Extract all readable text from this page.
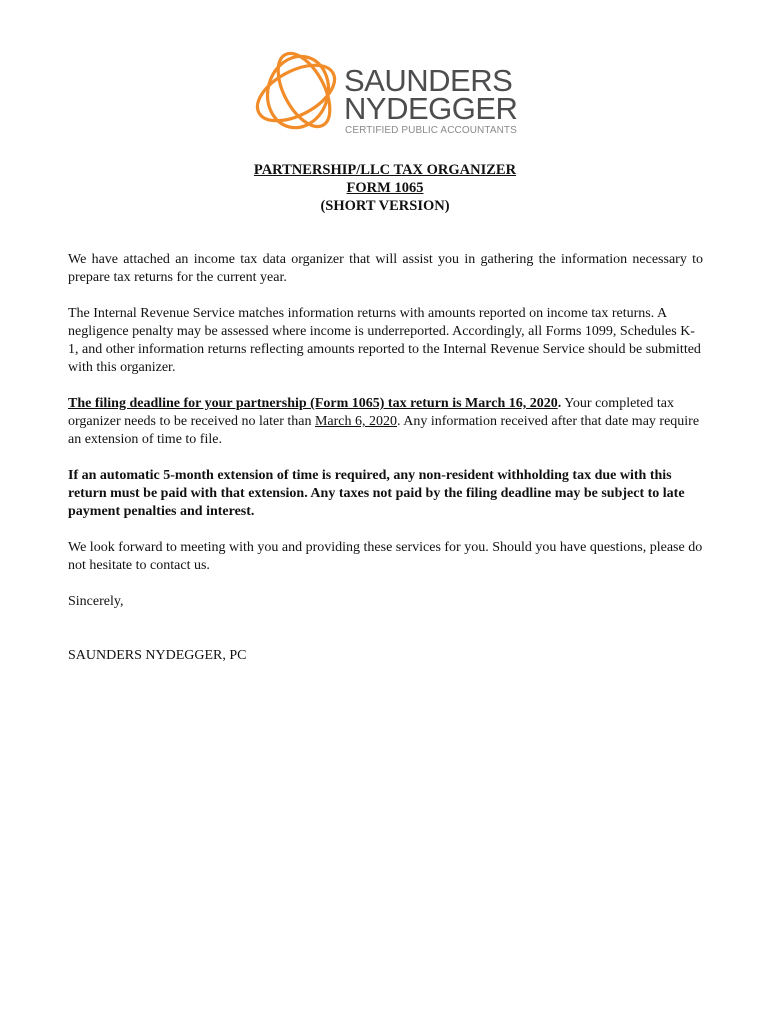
SAUNDERS
NYDEGGER
CERTIFIED PUBLIC ACCOUNTANTS
PARTNERSHIP/LLC TAX ORGANIZER
FORM 1065
(SHORT VERSION)

We have attached an income tax data organizer that will assist you in gathering the information necessary to prepare tax returns for the current year.

The Internal Revenue Service matches information returns with amounts reported on income tax returns. A negligence penalty may be assessed where income is underreported. Accordingly, all Forms 1099, Schedules K-1, and other information returns reflecting amounts reported to the Internal Revenue Service should be submitted with this organizer.

The filing deadline for your partnership (Form 1065) tax return is March 16, 2020. Your completed tax organizer needs to be received no later than March 6, 2020. Any information received after that date may require an extension of time to file.

If an automatic 5-month extension of time is required, any non-resident withholding tax due with this return must be paid with that extension. Any taxes not paid by the filing deadline may be subject to late payment penalties and interest.

We look forward to meeting with you and providing these services for you. Should you have questions, please do not hesitate to contact us.

Sincerely,

SAUNDERS NYDEGGER, PC
